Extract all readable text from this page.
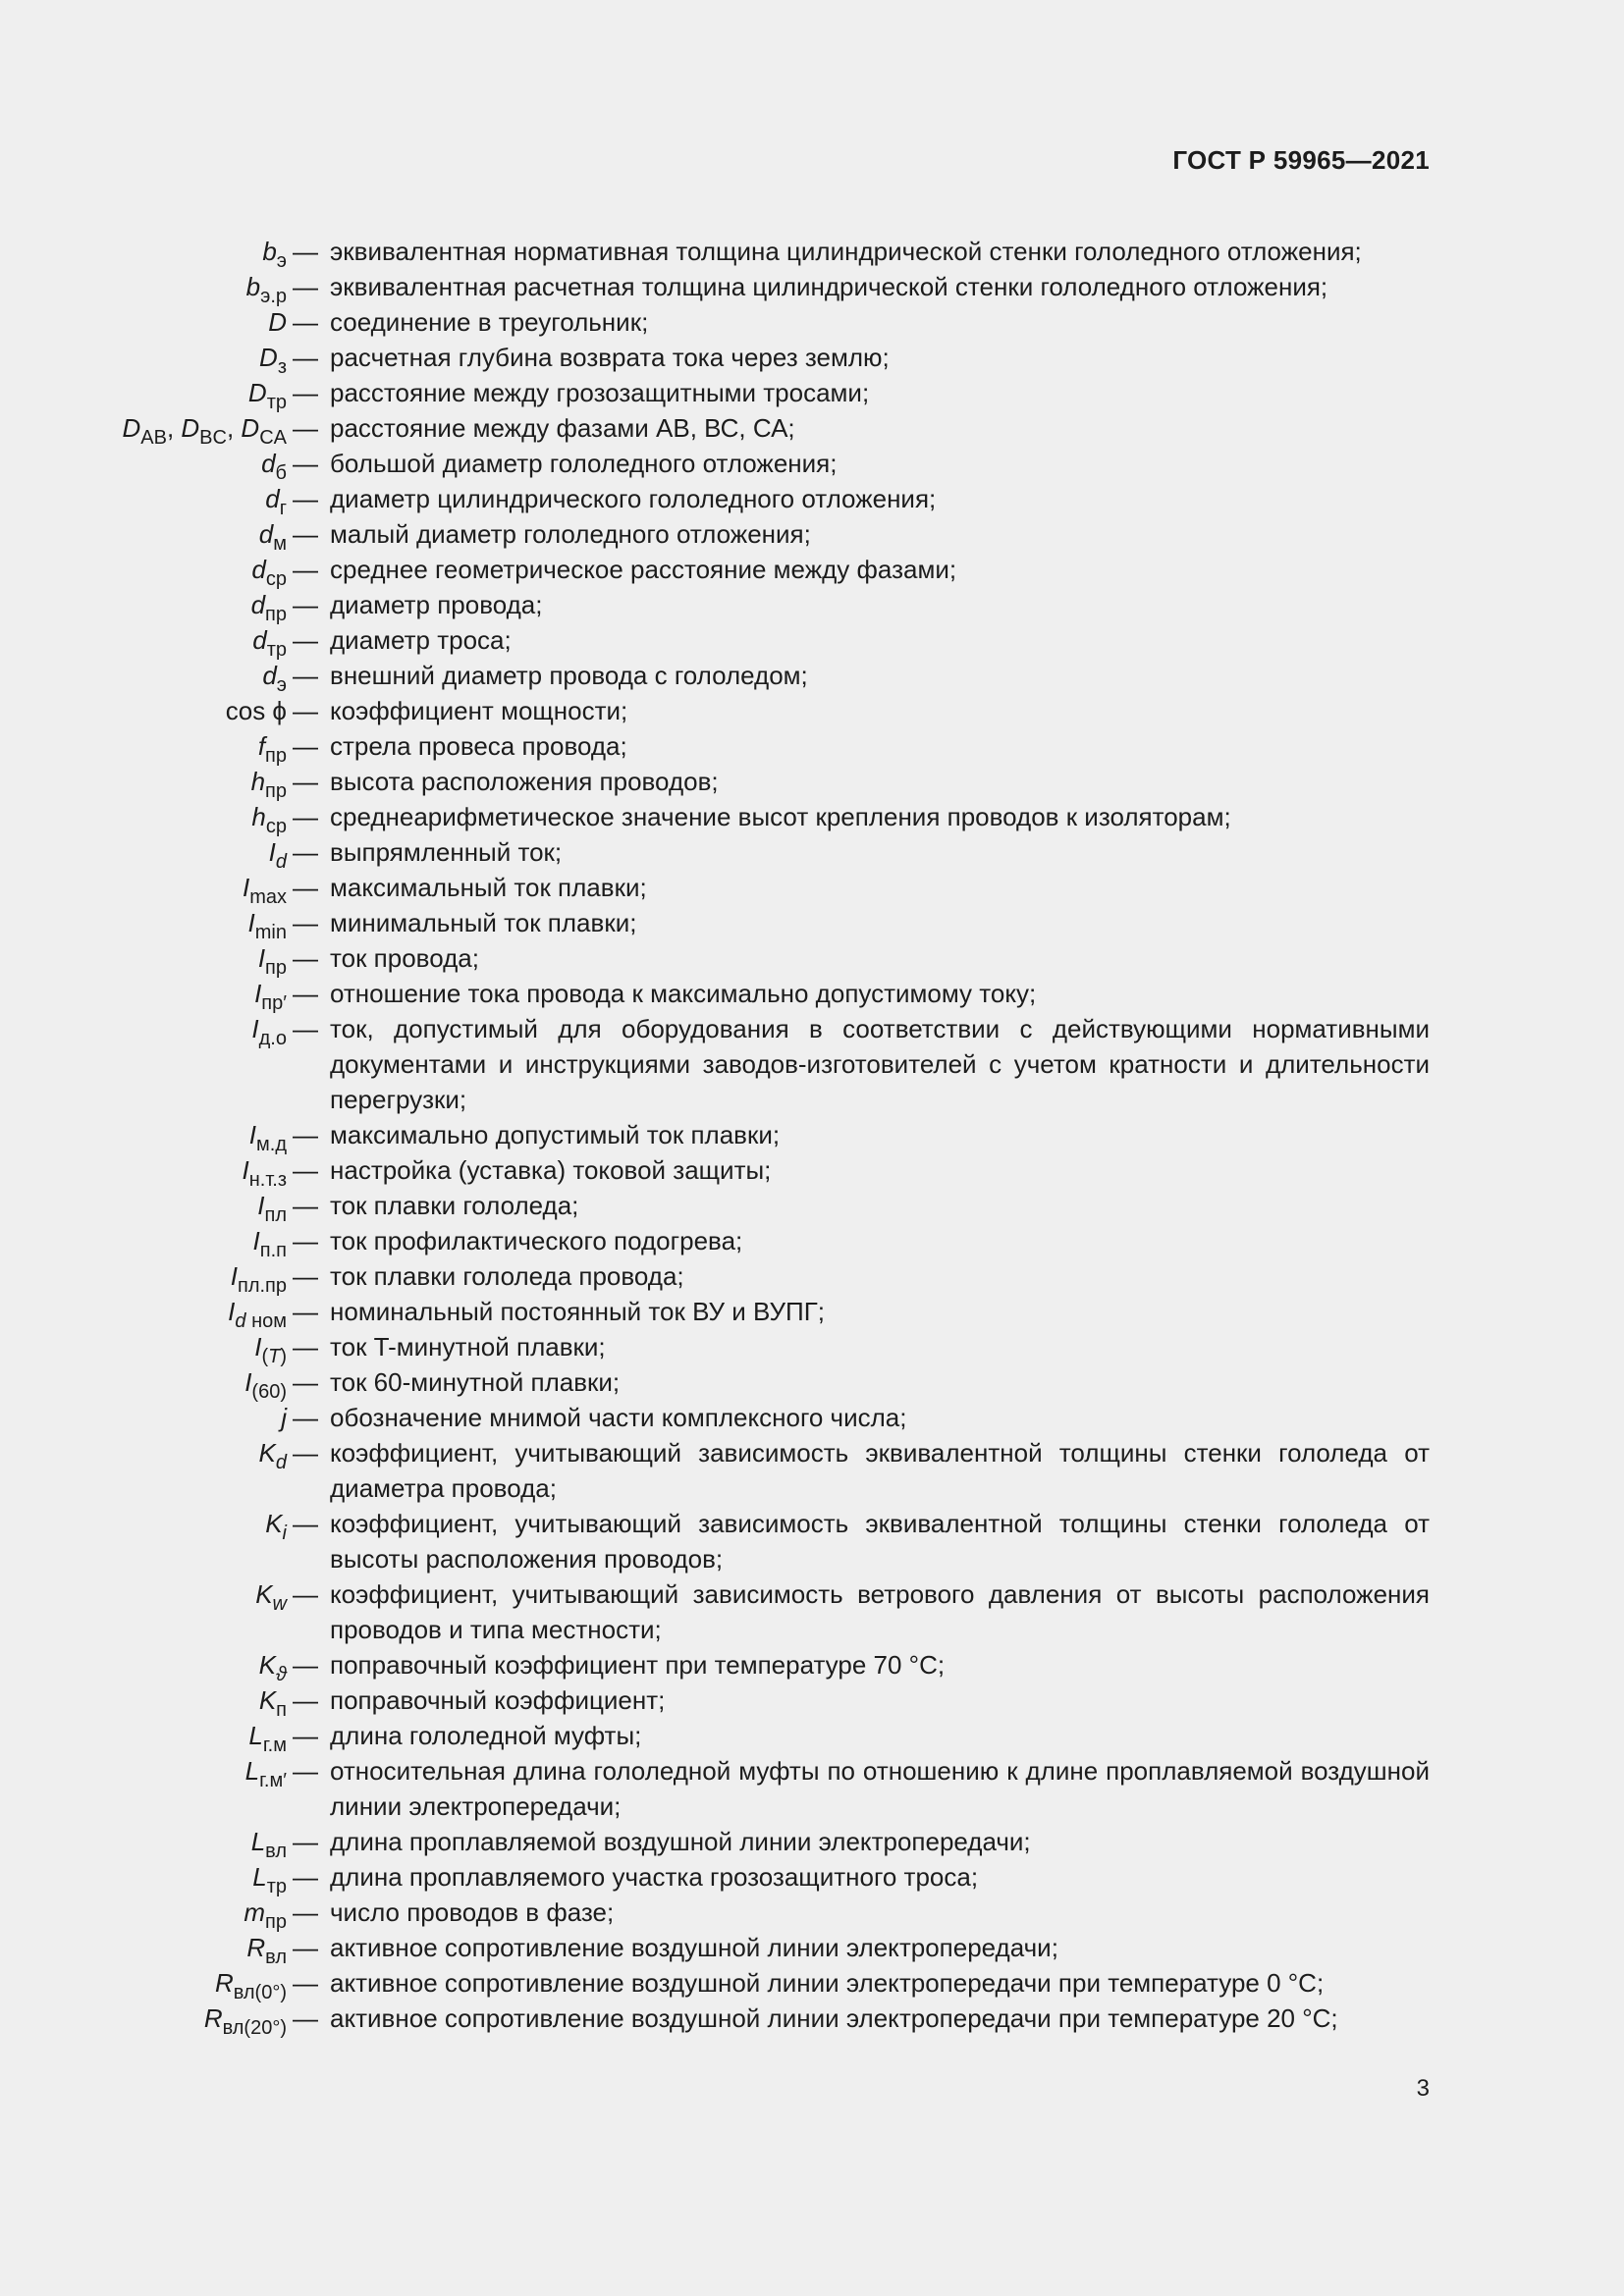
ГОСТ Р 59965—2021
$b_э$ — эквивалентная нормативная толщина цилиндрической стенки гололедного отложения;
$b_{э.р}$ — эквивалентная расчетная толщина цилиндрической стенки гололедного отложения;
D — соединение в треугольник;
$D_з$ — расчетная глубина возврата тока через землю;
$D_{тр}$ — расстояние между грозозащитными тросами;
$D_{AB}$, $D_{BC}$, $D_{CA}$ — расстояние между фазами АВ, ВС, СА;
$d_б$ — большой диаметр гололедного отложения;
$d_г$ — диаметр цилиндрического гололедного отложения;
$d_м$ — малый диаметр гололедного отложения;
$d_{ср}$ — среднее геометрическое расстояние между фазами;
$d_{пр}$ — диаметр провода;
$d_{тр}$ — диаметр троса;
$d_э$ — внешний диаметр провода с гололедом;
cos ϕ — коэффициент мощности;
$f_{пр}$ — стрела провеса провода;
$h_{пр}$ — высота расположения проводов;
$h_{ср}$ — среднеарифметическое значение высот крепления проводов к изоляторам;
$I_d$ — выпрямленный ток;
$I_{max}$ — максимальный ток плавки;
$I_{min}$ — минимальный ток плавки;
$I_{пр}$ — ток провода;
$I_{пр'}$ — отношение тока провода к максимально допустимому току;
$I_{д.о}$ — ток, допустимый для оборудования в соответствии с действующими нормативными документами и инструкциями заводов-изготовителей с учетом кратности и длительности перегрузки;
$I_{м.д}$ — максимально допустимый ток плавки;
$I_{н.т.з}$ — настройка (уставка) токовой защиты;
$I_{пл}$ — ток плавки гололеда;
$I_{п.п}$ — ток профилактического подогрева;
$I_{пл.пр}$ — ток плавки гололеда провода;
$I_d$ $_{ном}$ — номинальный постоянный ток ВУ и ВУПГ;
$I_{(T)}$ — ток T-минутной плавки;
$I_{(60)}$ — ток 60-минутной плавки;
j — обозначение мнимой части комплексного числа;
$K_d$ — коэффициент, учитывающий зависимость эквивалентной толщины стенки гололеда от диаметра провода;
$K_i$ — коэффициент, учитывающий зависимость эквивалентной толщины стенки гололеда от высоты расположения проводов;
$K_w$ — коэффициент, учитывающий зависимость ветрового давления от высоты расположения проводов и типа местности;
$K_ϑ$ — поправочный коэффициент при температуре 70 °C;
$K_п$ — поправочный коэффициент;
$L_{г.м}$ — длина гололедной муфты;
$L_{г.м'}$ — относительная длина гололедной муфты по отношению к длине проплавляемой воздушной линии электропередачи;
$L_{вл}$ — длина проплавляемой воздушной линии электропередачи;
$L_{тр}$ — длина проплавляемого участка грозозащитного троса;
$m_{пр}$ — число проводов в фазе;
$R_{вл}$ — активное сопротивление воздушной линии электропередачи;
$R_{вл(0^\circ)}$ — активное сопротивление воздушной линии электропередачи при температуре 0 °C;
$R_{вл(20^\circ)}$ — активное сопротивление воздушной линии электропередачи при температуре 20 °C;
3
